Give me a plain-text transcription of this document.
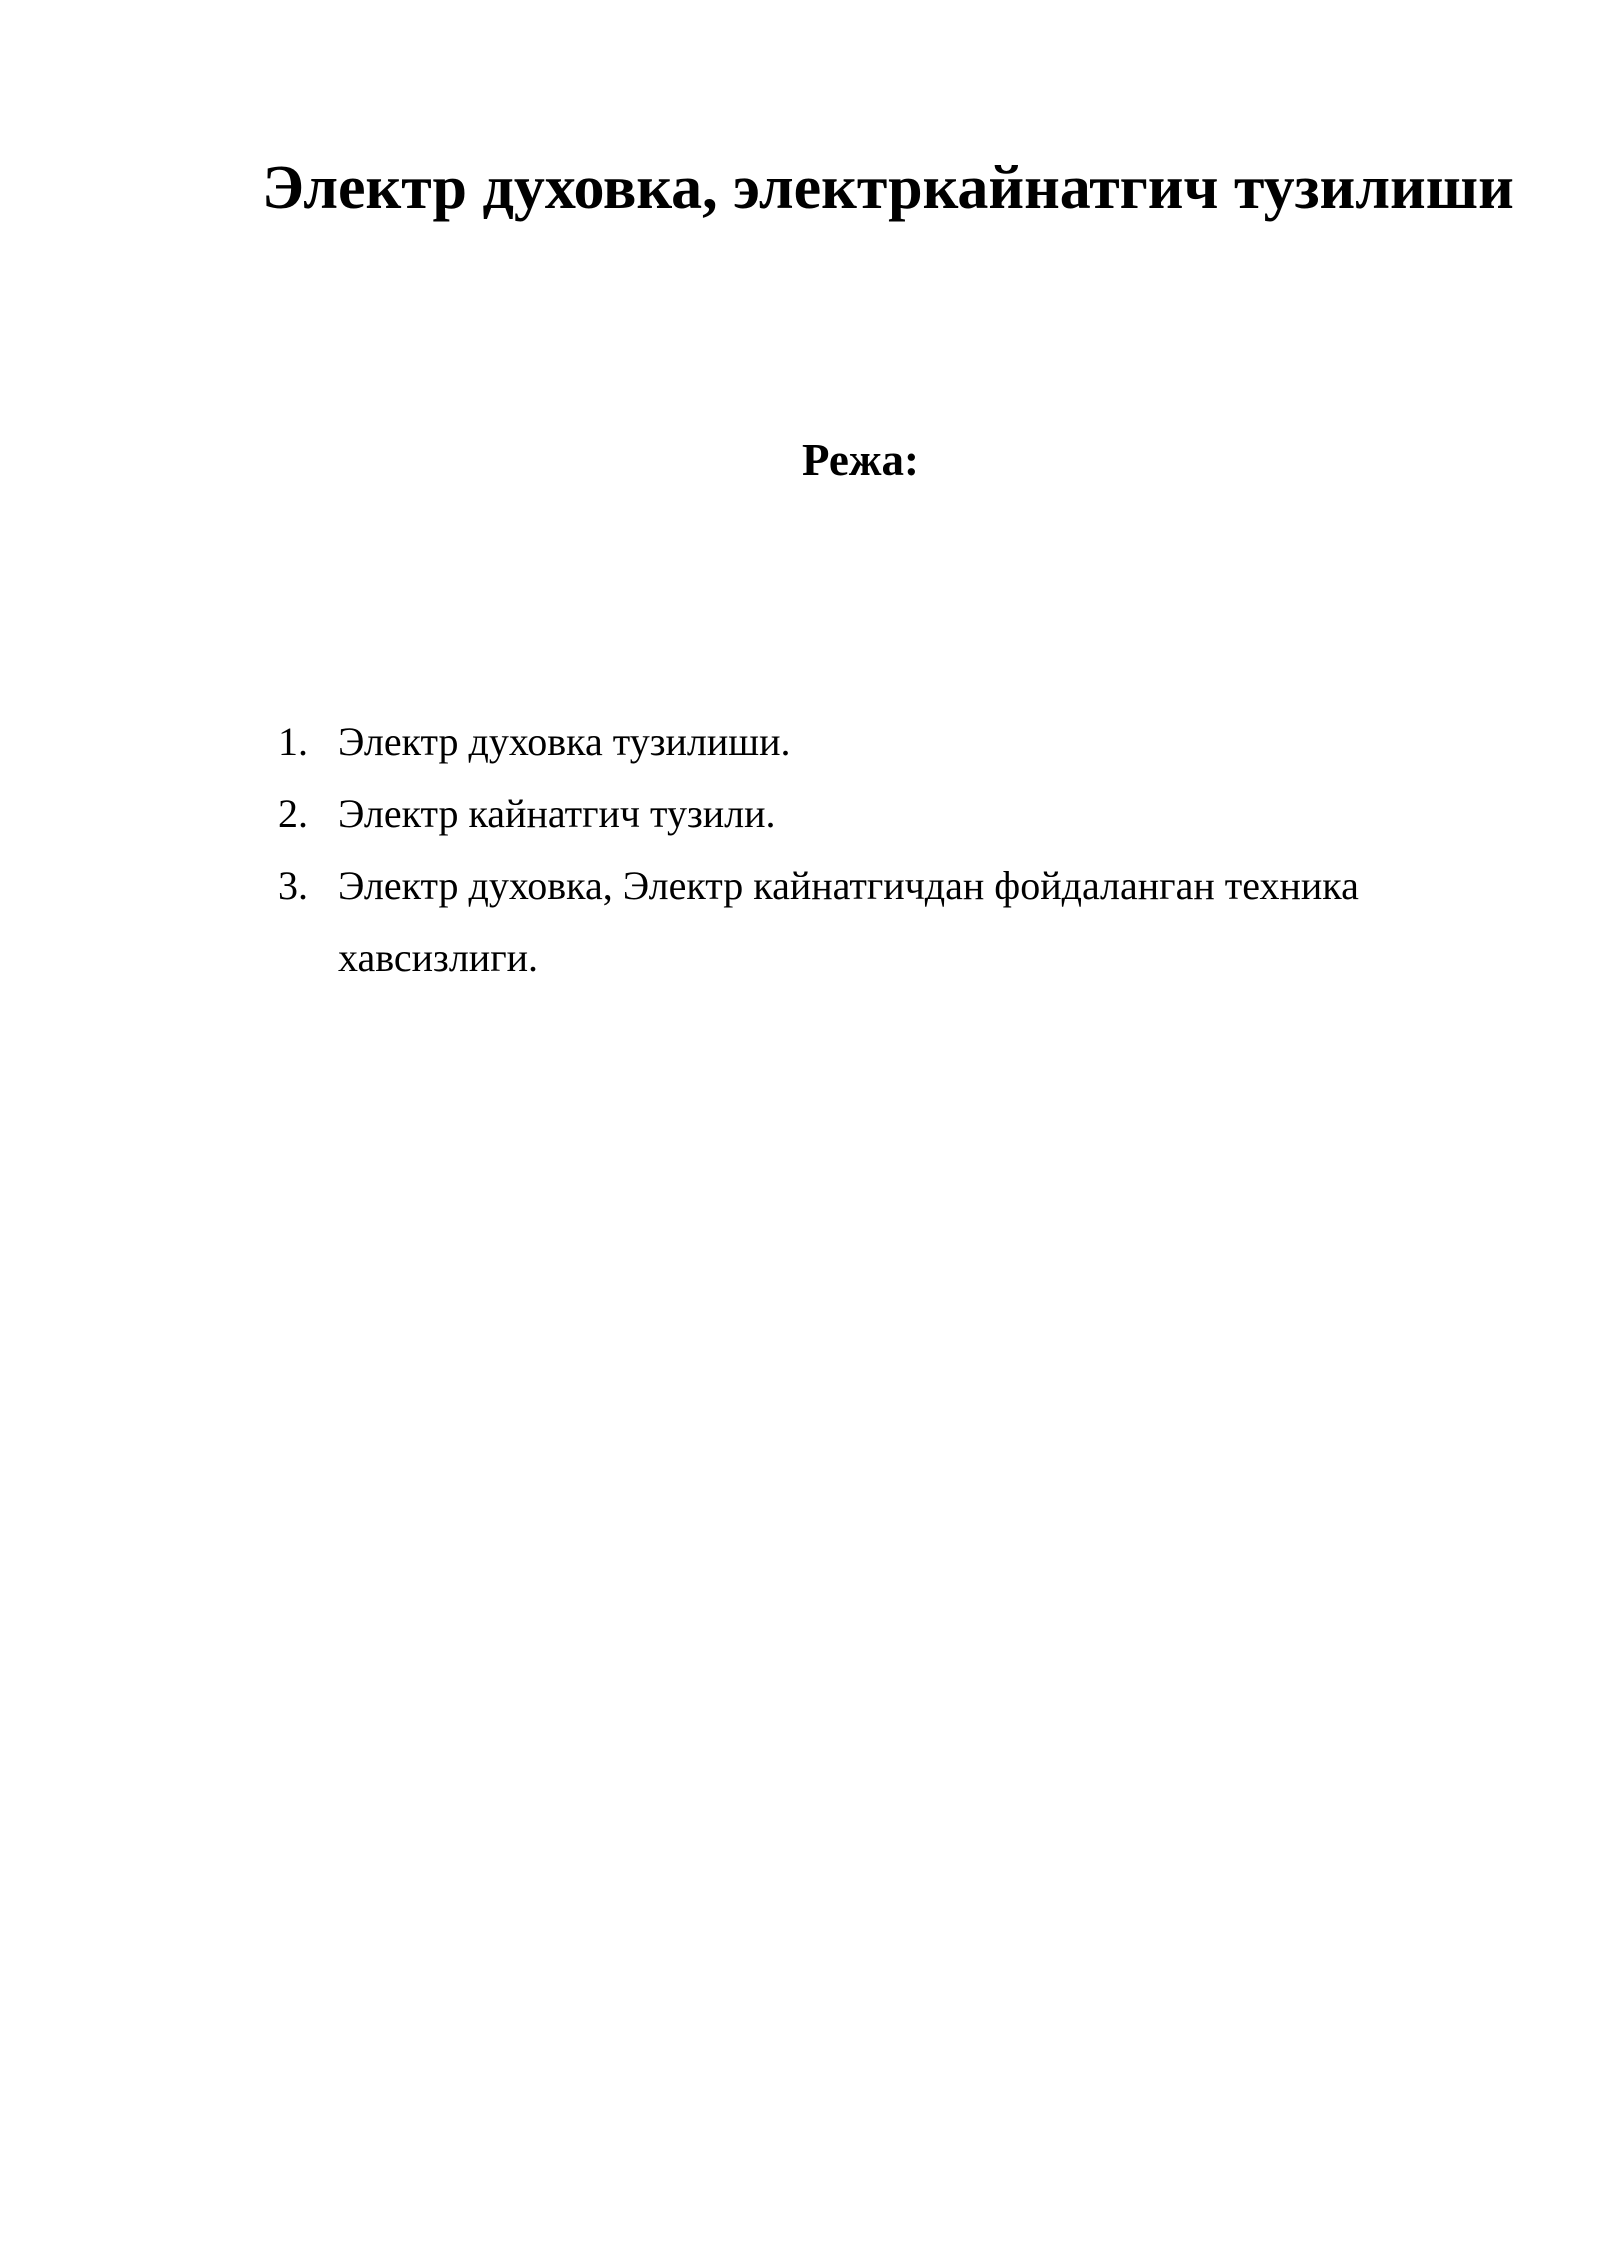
Электр духовка, электркайнатгич тузилиши
Режа:
1. Электр духовка тузилиши.
2. Электр кайнатгич тузили.
3. Электр духовка, Электр кайнатгичдан фойдаланган техника хавсизлиги.
